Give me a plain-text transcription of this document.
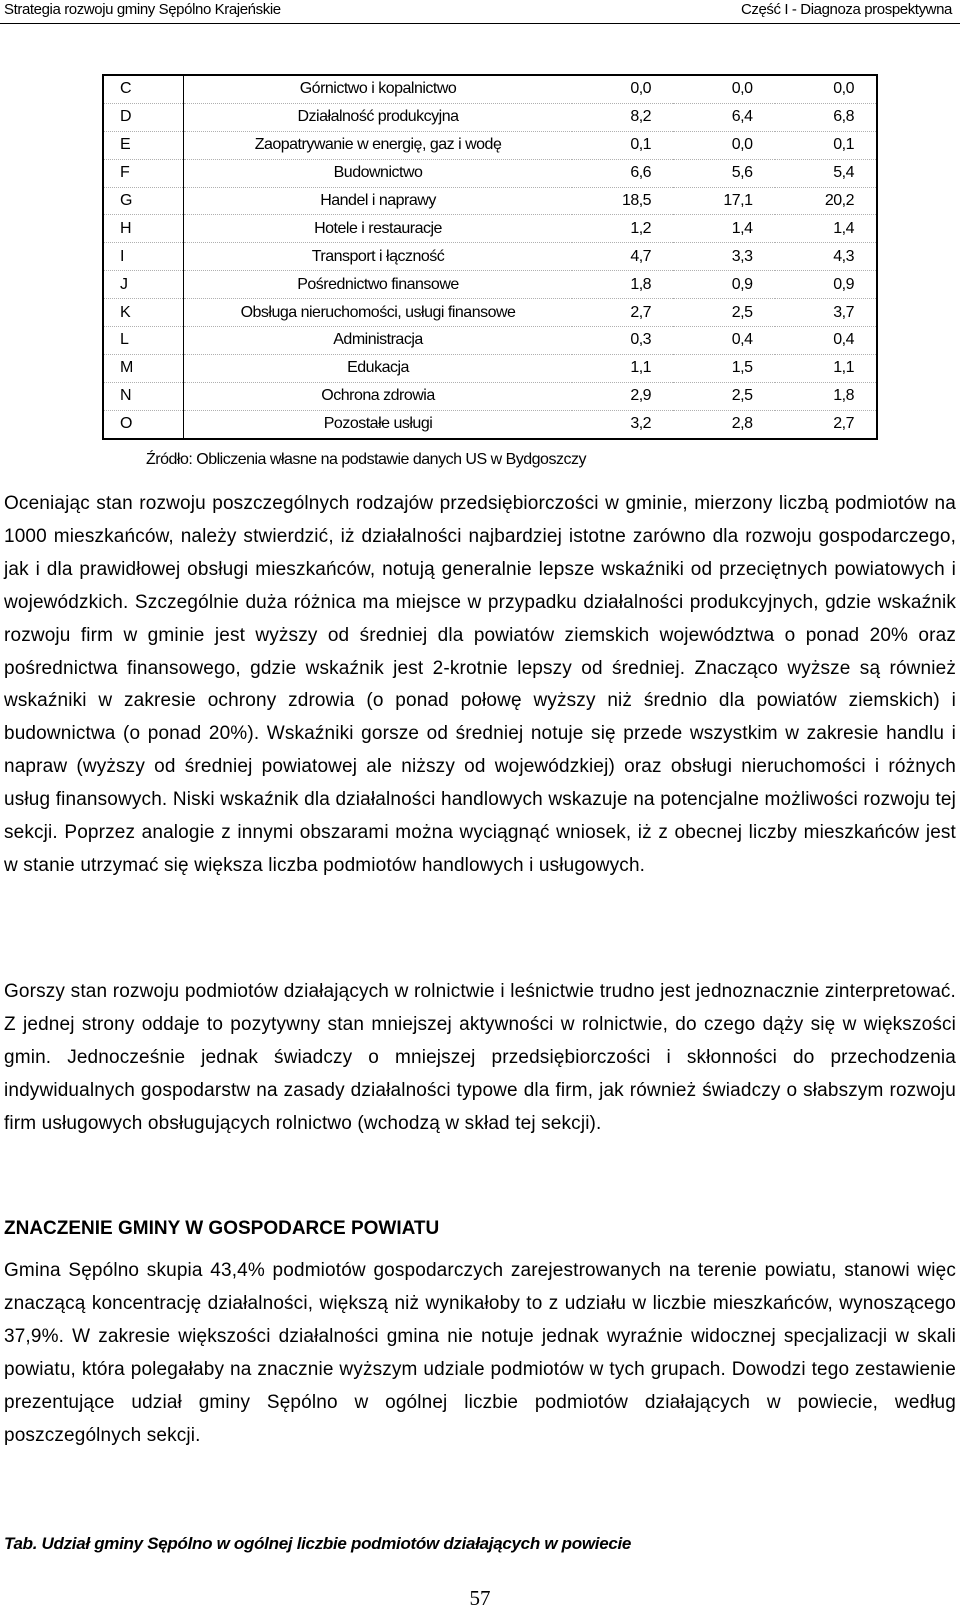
Strategia rozwoju gminy Sępólno Krajeńskie	Część I - Diagnoza prospektywna
C	Górnictwo i kopalnictwo	0,0	0,0	0,0
D	Działalność produkcyjna	8,2	6,4	6,8
E	Zaopatrywanie w energię, gaz i wodę	0,1	0,0	0,1
F	Budownictwo	6,6	5,6	5,4
G	Handel i naprawy	18,5	17,1	20,2
H	Hotele i restauracje	1,2	1,4	1,4
I	Transport i łączność	4,7	3,3	4,3
J	Pośrednictwo finansowe	1,8	0,9	0,9
K	Obsługa nieruchomości, usługi finansowe	2,7	2,5	3,7
L	Administracja	0,3	0,4	0,4
M	Edukacja	1,1	1,5	1,1
N	Ochrona zdrowia	2,9	2,5	1,8
O	Pozostałe usługi	3,2	2,8	2,7
Źródło: Obliczenia własne na podstawie danych US w Bydgoszczy

Oceniając stan rozwoju poszczególnych rodzajów przedsiębiorczości w gminie, mierzony liczbą podmiotów na 1000 mieszkańców, należy stwierdzić, iż działalności najbardziej istotne zarówno dla rozwoju gospodarczego, jak i dla prawidłowej obsługi mieszkańców, notują generalnie lepsze wskaźniki od przeciętnych powiatowych i wojewódzkich. Szczególnie duża różnica ma miejsce w przypadku działalności produkcyjnych, gdzie wskaźnik rozwoju firm w gminie jest wyższy od średniej dla powiatów ziemskich województwa o ponad 20% oraz pośrednictwa finansowego, gdzie wskaźnik jest 2-krotnie lepszy od średniej. Znacząco wyższe są również wskaźniki w zakresie ochrony zdrowia (o ponad połowę wyższy niż średnio dla powiatów ziemskich) i budownictwa (o ponad 20%). Wskaźniki gorsze od średniej notuje się przede wszystkim w zakresie handlu i napraw (wyższy od średniej powiatowej ale niższy od wojewódzkiej) oraz obsługi nieruchomości i różnych usług finansowych. Niski wskaźnik dla działalności handlowych wskazuje na potencjalne możliwości rozwoju tej sekcji. Poprzez analogie z innymi obszarami można wyciągnąć wniosek, iż z obecnej liczby mieszkańców jest w stanie utrzymać się większa liczba podmiotów handlowych i usługowych.

Gorszy stan rozwoju podmiotów działających w rolnictwie i leśnictwie trudno jest jednoznacznie zinterpretować. Z jednej strony oddaje to pozytywny stan mniejszej aktywności w rolnictwie, do czego dąży się w większości gmin. Jednocześnie jednak świadczy o mniejszej przedsiębiorczości i skłonności do przechodzenia indywidualnych gospodarstw na zasady działalności typowe dla firm, jak również świadczy o słabszym rozwoju firm usługowych obsługujących rolnictwo (wchodzą w skład tej sekcji).

ZNACZENIE GMINY W GOSPODARCE POWIATU

Gmina Sępólno skupia 43,4% podmiotów gospodarczych zarejestrowanych na terenie powiatu, stanowi więc znaczącą koncentrację działalności, większą niż wynikałoby to z udziału w liczbie mieszkańców, wynoszącego 37,9%. W zakresie większości działalności gmina nie notuje jednak wyraźnie widocznej specjalizacji w skali powiatu, która polegałaby na znacznie wyższym udziale podmiotów w tych grupach. Dowodzi tego zestawienie prezentujące udział gminy Sępólno w ogólnej liczbie podmiotów działających w powiecie, według poszczególnych sekcji.

Tab. Udział gminy Sępólno w ogólnej liczbie podmiotów działających w powiecie
57
